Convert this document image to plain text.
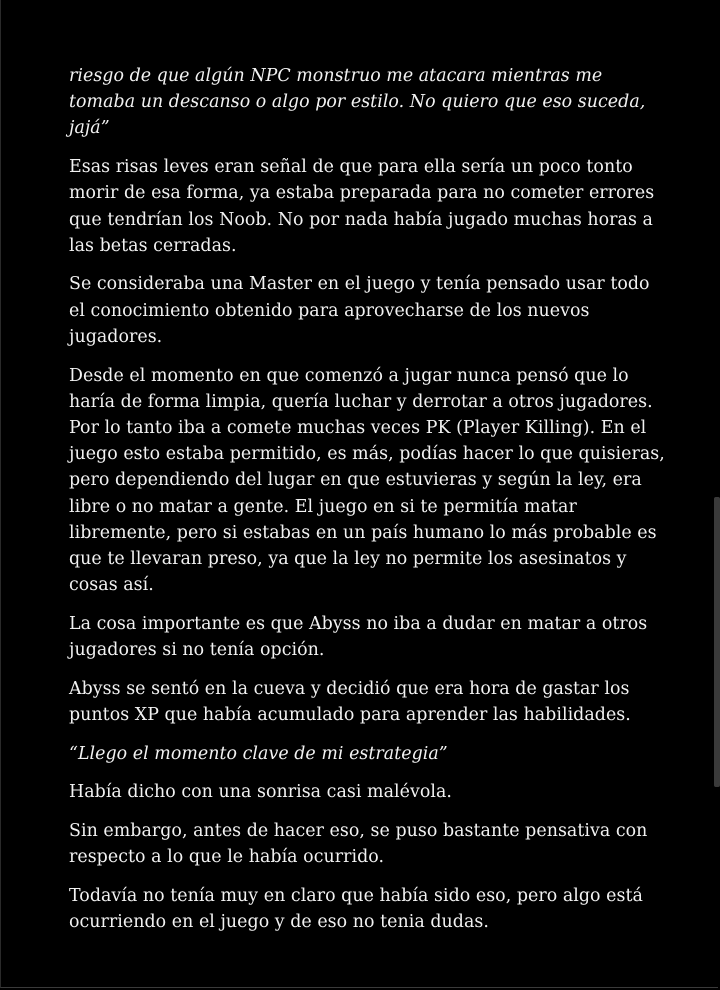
riesgo de que algún NPC monstruo me atacara mientras me tomaba un descanso o algo por estilo. No quiero que eso suceda, jajá”

Esas risas leves eran señal de que para ella sería un poco tonto morir de esa forma, ya estaba preparada para no cometer errores que tendrían los Noob. No por nada había jugado muchas horas a las betas cerradas.

Se consideraba una Master en el juego y tenía pensado usar todo el conocimiento obtenido para aprovecharse de los nuevos jugadores.

Desde el momento en que comenzó a jugar nunca pensó que lo haría de forma limpia, quería luchar y derrotar a otros jugadores. Por lo tanto iba a comete muchas veces PK (Player Killing). En el juego esto estaba permitido, es más, podías hacer lo que quisieras, pero dependiendo del lugar en que estuvieras y según la ley, era libre o no matar a gente. El juego en si te permitía matar libremente, pero si estabas en un país humano lo más probable es que te llevaran preso, ya que la ley no permite los asesinatos y cosas así.

La cosa importante es que Abyss no iba a dudar en matar a otros jugadores si no tenía opción.

Abyss se sentó en la cueva y decidió que era hora de gastar los puntos XP que había acumulado para aprender las habilidades.

“Llego el momento clave de mi estrategia”

Había dicho con una sonrisa casi malévola.

Sin embargo, antes de hacer eso, se puso bastante pensativa con respecto a lo que le había ocurrido.

Todavía no tenía muy en claro que había sido eso, pero algo está ocurriendo en el juego y de eso no tenia dudas.
